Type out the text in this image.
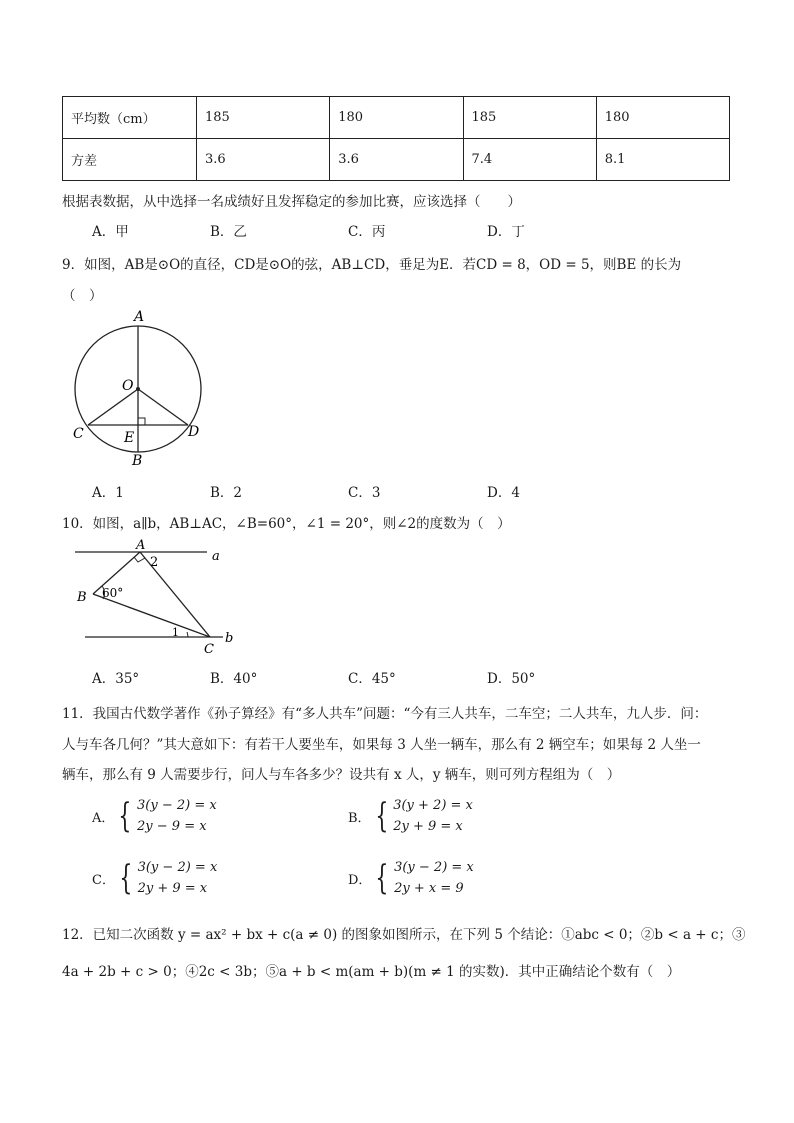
平均数（cm）	185	180	185	180
方差	3.6	3.6	7.4	8.1
根据表数据，从中选择一名成绩好且发挥稳定的参加比赛，应该选择（　　）
A．甲	B．乙	C．丙	D．丁
9．如图，AB是⊙O的直径，CD是⊙O的弦，AB⊥CD，垂足为E．若CD = 8，OD = 5，则BE 的长为
（　）
A
O
C	E	D
B
A．1	B．2	C．3	D．4
10．如图，a∥b，AB⊥AC，∠B=60°，∠1 = 20°，则∠2的度数为（　）
A
2	a
B 60°
1	b
C
A．35°	B．40°	C．45°	D．50°
11．我国古代数学著作《孙子算经》有“多人共车”问题：“今有三人共车，二车空；二人共车，九人步．问：
人与车各几何？”其大意如下：有若干人要坐车，如果每 3 人坐一辆车，那么有 2 辆空车；如果每 2 人坐一
辆车，那么有 9 人需要步行，问人与车各多少？设共有 x 人，y 辆车，则可列方程组为（　）
A． { 3(y − 2) = x
2y − 9 = x
B． { 3(y + 2) = x
2y + 9 = x
C． { 3(y − 2) = x
2y + 9 = x
D． { 3(y − 2) = x
2y + x = 9
12．已知二次函数 y = ax² + bx + c(a ≠ 0) 的图象如图所示，在下列 5 个结论：①abc < 0；②b < a + c；③
4a + 2b + c > 0；④2c < 3b；⑤a + b < m(am + b)(m ≠ 1 的实数)．其中正确结论个数有（　）
